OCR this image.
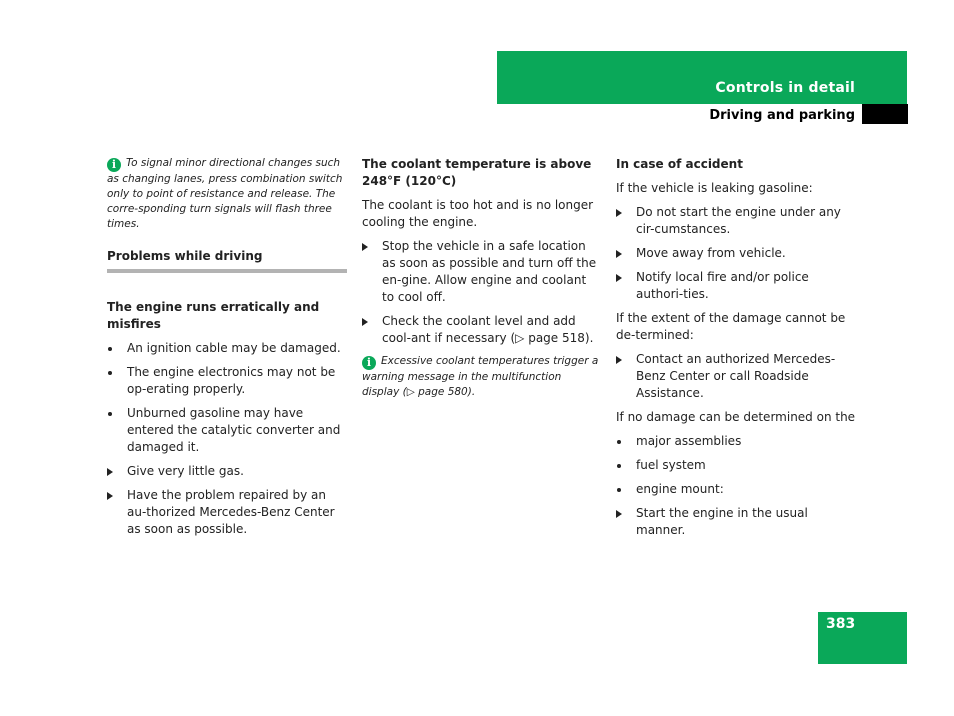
Controls in detail
Driving and parking

i To signal minor directional changes such as changing lanes, press combination switch only to point of resistance and release. The corre-sponding turn signals will flash three times.

Problems while driving
The engine runs erratically and misfires
An ignition cable may be damaged.
The engine electronics may not be op-erating properly.
Unburned gasoline may have entered the catalytic converter and damaged it.
Give very little gas.
Have the problem repaired by an au-thorized Mercedes-Benz Center as soon as possible.
The coolant temperature is above 248°F (120°C)

The coolant is too hot and is no longer cooling the engine.

Stop the vehicle in a safe location as soon as possible and turn off the en-gine. Allow engine and coolant to cool off.
Check the coolant level and add cool-ant if necessary (▷ page 518).

i Excessive coolant temperatures trigger a warning message in the multifunction display (▷ page 580).

In case of accident

If the vehicle is leaking gasoline:

Do not start the engine under any cir-cumstances.
Move away from vehicle.
Notify local fire and/or police authori-ties.

If the extent of the damage cannot be de-termined:

Contact an authorized Mercedes-Benz Center or call Roadside Assistance.

If no damage can be determined on the

major assemblies
fuel system
engine mount:
Start the engine in the usual manner.
383
